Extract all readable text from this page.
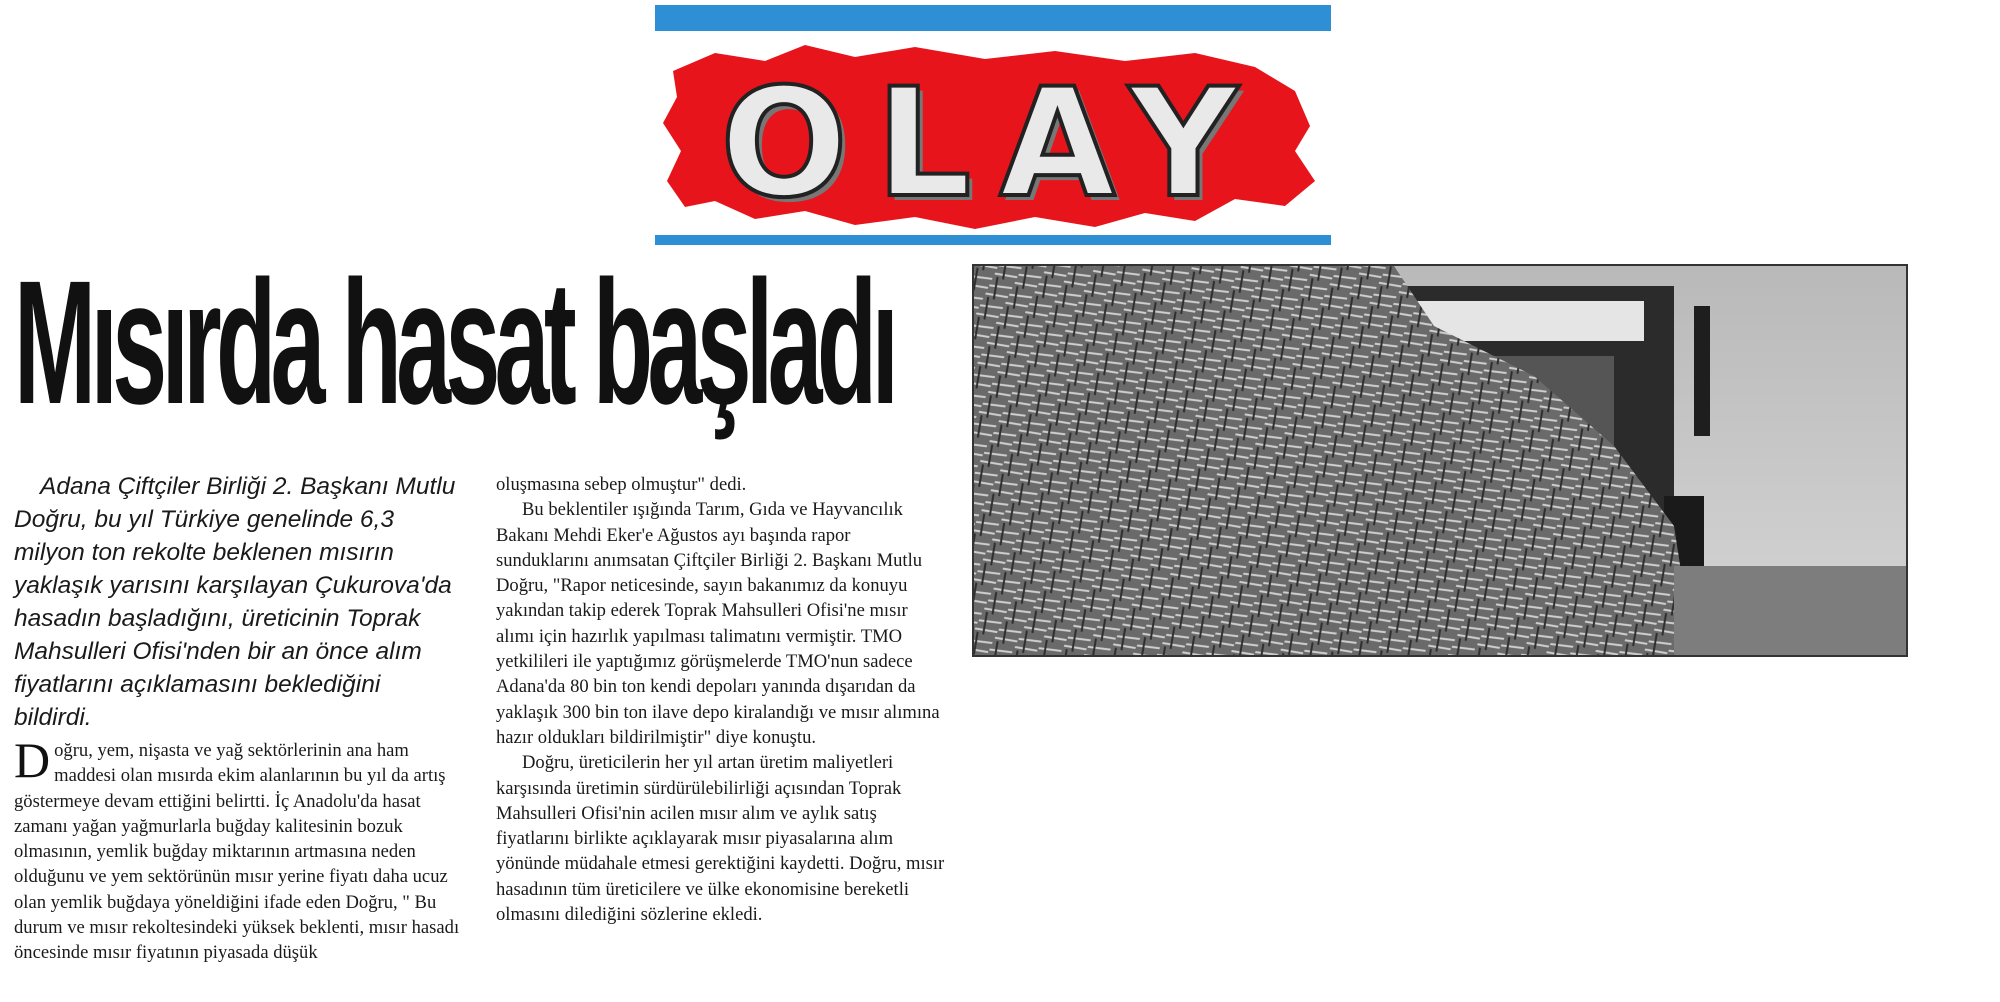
DİYARBAKIR	Güneydoğu'nun Sesi
OLAY
Mısırda hasat başladı

Adana Çiftçiler Birliği 2. Başkanı Mutlu Doğru, bu yıl Türkiye genelinde 6,3 milyon ton rekolte beklenen mısırın yaklaşık yarısını karşılayan Çukurova'da hasadın başladığını, üreticinin Toprak Mahsulleri Ofisi'nden bir an önce alım fiyatlarını açıklamasını beklediğini bildirdi.

Doğru, yem, nişasta ve yağ sektörlerinin ana ham maddesi olan mısırda ekim alanlarının bu yıl da artış göstermeye devam ettiğini belirtti. İç Anadolu'da hasat zamanı yağan yağmurlarla buğday kalitesinin bozuk olmasının, yemlik buğday miktarının artmasına neden olduğunu ve yem sektörünün mısır yerine fiyatı daha ucuz olan yemlik buğdaya yöneldiğini ifade eden Doğru, " Bu durum ve mısır rekoltesindeki yüksek beklenti, mısır hasadı öncesinde mısır fiyatının piyasada düşük

oluşmasına sebep olmuştur" dedi.

Bu beklentiler ışığında Tarım, Gıda ve Hayvancılık Bakanı Mehdi Eker'e Ağustos ayı başında rapor sunduklarını anımsatan Çiftçiler Birliği 2. Başkanı Mutlu Doğru, "Rapor neticesinde, sayın bakanımız da konuyu yakından takip ederek Toprak Mahsulleri Ofisi'ne mısır alımı için hazırlık yapılması talimatını vermiştir. TMO yetkilileri ile yaptığımız görüşmelerde TMO'nun sadece Adana'da 80 bin ton kendi depoları yanında dışarıdan da yaklaşık 300 bin ton ilave depo kiralandığı ve mısır alımına hazır oldukları bildirilmiştir" diye konuştu.

Doğru, üreticilerin her yıl artan üretim maliyetleri karşısında üretimin sürdürülebilirliği açısından Toprak Mahsulleri Ofisi'nin acilen mısır alım ve aylık satış fiyatlarını birlikte açıklayarak mısır piyasalarına alım yönünde müdahale etmesi gerektiğini kaydetti. Doğru, mısır hasadının tüm üreticilere ve ülke ekonomisine bereketli olmasını dilediğini sözlerine ekledi.
